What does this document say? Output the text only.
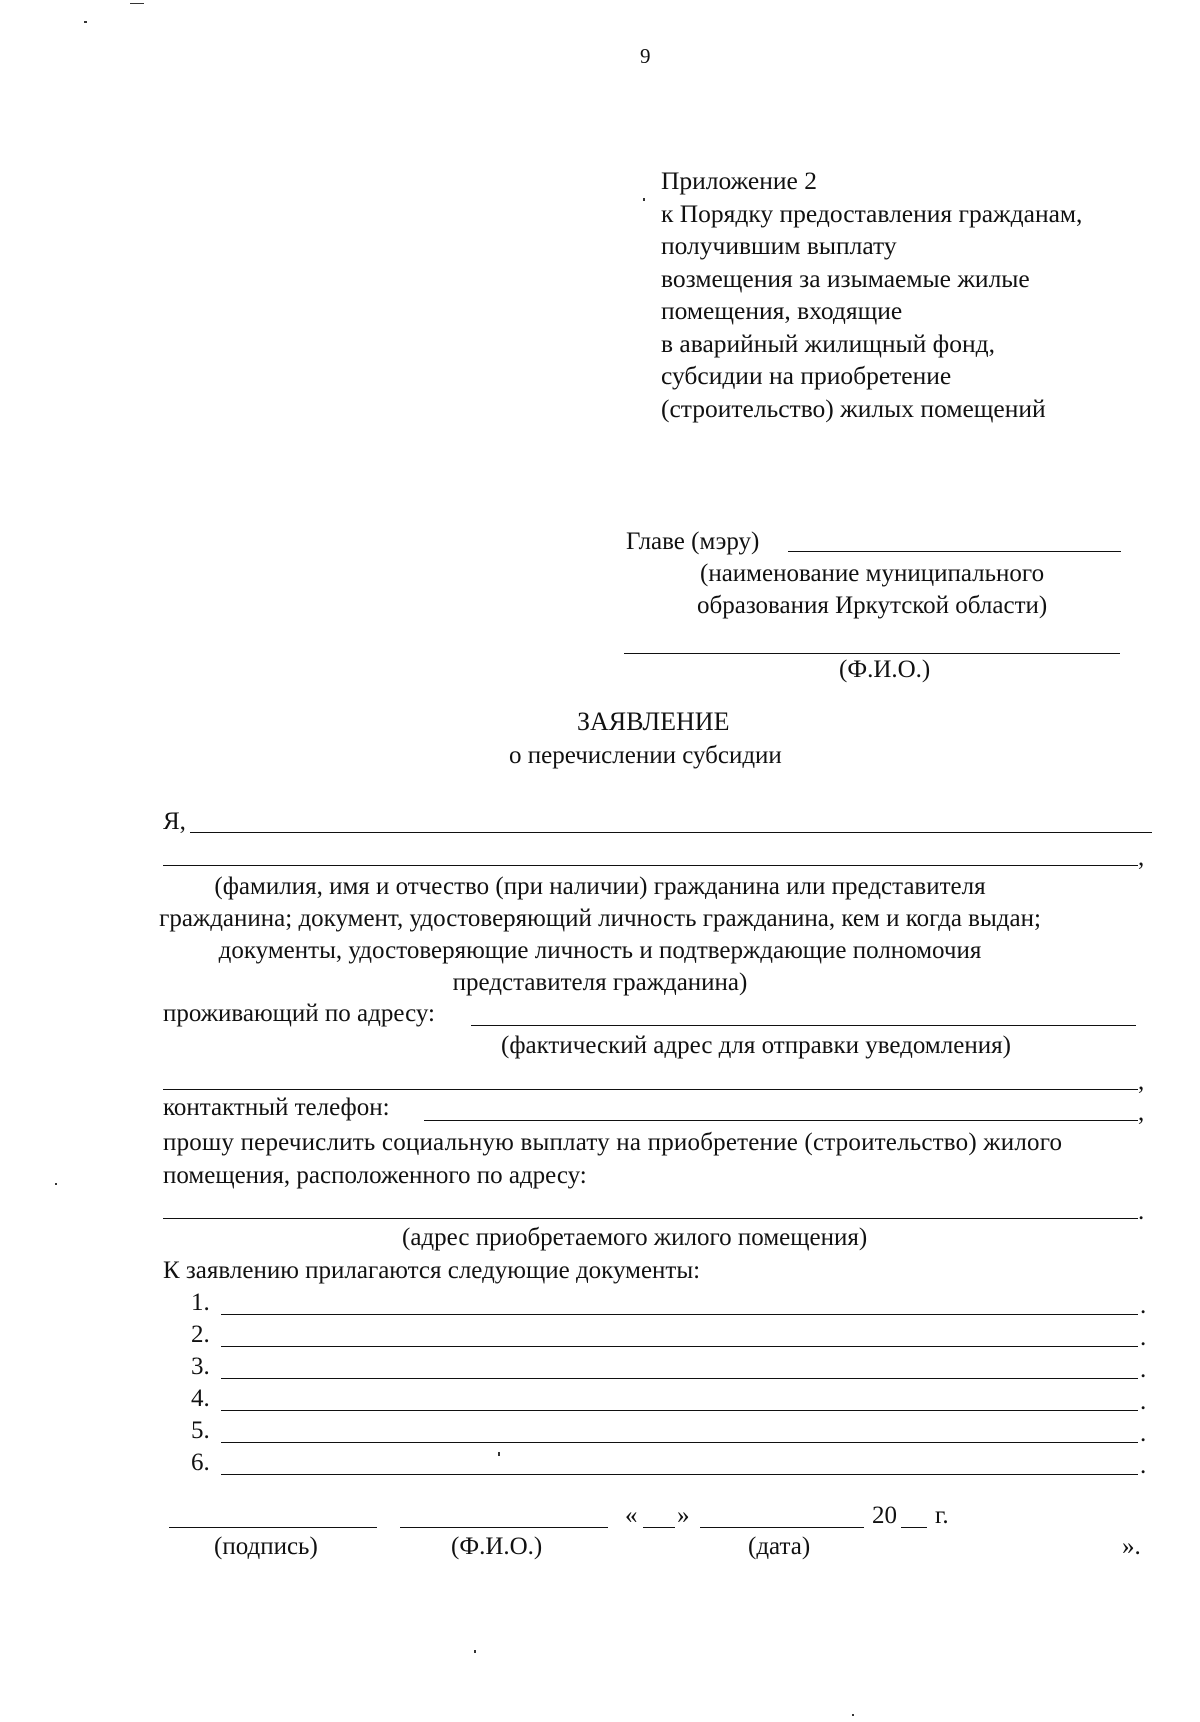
9
Приложение 2
к Порядку предоставления гражданам,
получившим выплату
возмещения за изымаемые жилые
помещения, входящие
в аварийный жилищный фонд,
субсидии на приобретение
(строительство) жилых помещений
Главе (мэру)
(наименование муниципального
образования Иркутской области)
(Ф.И.О.)
ЗАЯВЛЕНИЕ
о перечислении субсидии
Я,
,
(фамилия, имя и отчество (при наличии) гражданина или представителя
гражданина; документ, удостоверяющий личность гражданина, кем и когда выдан;
документы, удостоверяющие личность и подтверждающие полномочия
представителя гражданина)
проживающий по адресу:
(фактический адрес для отправки уведомления)
,
контактный телефон:	,
прошу перечислить социальную выплату на приобретение (строительство) жилого
помещения, расположенного по адресу:
.
(адрес приобретаемого жилого помещения)
К заявлению прилагаются следующие документы:
1.	.
2.	.
3.	.
4.	.
5.	.
6.	.
« »	20 г.
(подпись)	(Ф.И.О.)	(дата)	».
